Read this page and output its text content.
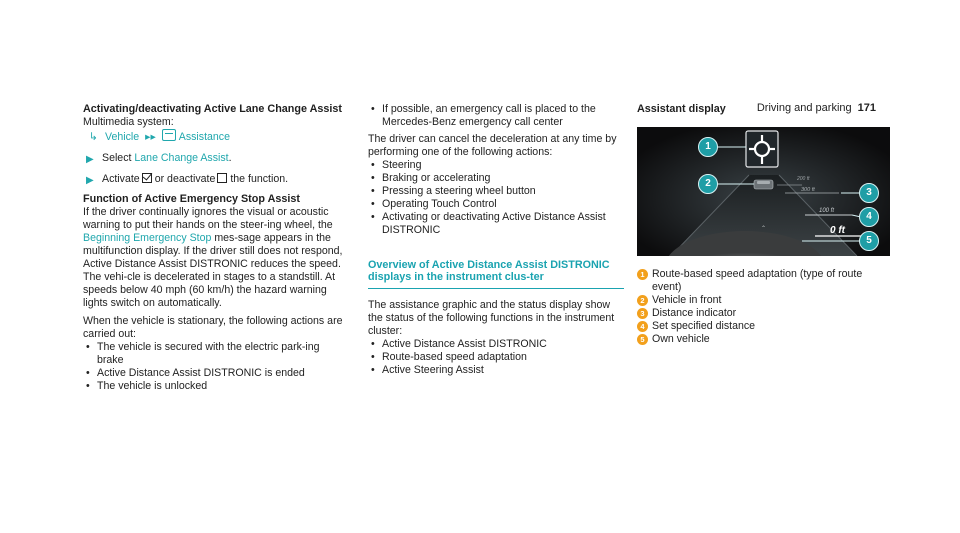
Driving and parking 171
Activating/deactivating Active Lane Change Assist

Multimedia system:

↳ Vehicle ▸▸ Assistance

▶ Select Lane Change Assist.

▶ Activate or deactivate the function.

Function of Active Emergency Stop Assist

If the driver continually ignores the visual or acoustic warning to put their hands on the steer-ing wheel, the Beginning Emergency Stop mes-sage appears in the multifunction display. If the driver still does not respond, Active Distance Assist DISTRONIC reduces the speed. The vehi-cle is decelerated in stages to a standstill. At speeds below 40 mph (60 km/h) the hazard warning lights switch on automatically.

When the vehicle is stationary, the following actions are carried out:

• The vehicle is secured with the electric park-ing brake
• Active Distance Assist DISTRONIC is ended
• The vehicle is unlocked
• If possible, an emergency call is placed to the Mercedes-Benz emergency call center

The driver can cancel the deceleration at any time by performing one of the following actions:

• Steering
• Braking or accelerating
• Pressing a steering wheel button
• Operating Touch Control
• Activating or deactivating Active Distance Assist DISTRONIC

Overview of Active Distance Assist DISTRONIC displays in the instrument clus-ter

The assistance graphic and the status display show the status of the following functions in the instrument cluster:

• Active Distance Assist DISTRONIC
• Route-based speed adaptation
• Active Steering Assist
Assistant display
200 ft
300 ft
100 ft
0 ft
⌃
1
2
3
4
5
1 Route-based speed adaptation (type of route event)
2 Vehicle in front
3 Distance indicator
4 Set specified distance
5 Own vehicle
